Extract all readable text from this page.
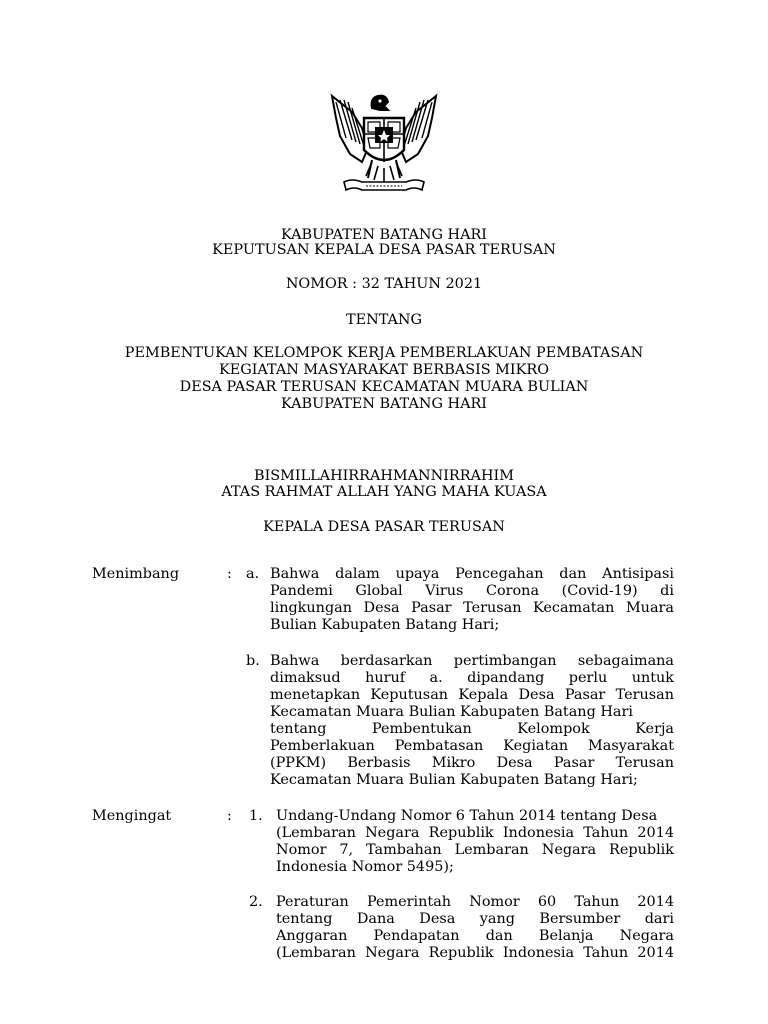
KABUPATEN BATANG HARI
KEPUTUSAN KEPALA DESA PASAR TERUSAN
NOMOR : 32 TAHUN 2021
TENTANG
PEMBENTUKAN KELOMPOK KERJA PEMBERLAKUAN PEMBATASAN
KEGIATAN MASYARAKAT BERBASIS MIKRO
DESA PASAR TERUSAN KECAMATAN MUARA BULIAN
KABUPATEN BATANG HARI
BISMILLAHIRRAHMANNIRRAHIM
ATAS RAHMAT ALLAH YANG MAHA KUASA
KEPALA DESA PASAR TERUSAN
Menimbang	: a. Bahwa dalam upaya Pencegahan dan Antisipasi
Pandemi Global Virus Corona (Covid-19) di
lingkungan Desa Pasar Terusan Kecamatan Muara
Bulian Kabupaten Batang Hari;
b. Bahwa berdasarkan pertimbangan sebagaimana
dimaksud huruf a. dipandang perlu untuk
menetapkan Keputusan Kepala Desa Pasar Terusan
Kecamatan Muara Bulian Kabupaten Batang Hari
tentang Pembentukan Kelompok Kerja
Pemberlakuan Pembatasan Kegiatan Masyarakat
(PPKM) Berbasis Mikro Desa Pasar Terusan
Kecamatan Muara Bulian Kabupaten Batang Hari;
Mengingat	: 1. Undang-Undang Nomor 6 Tahun 2014 tentang Desa
(Lembaran Negara Republik Indonesia Tahun 2014
Nomor 7, Tambahan Lembaran Negara Republik
Indonesia Nomor 5495);
2. Peraturan Pemerintah Nomor 60 Tahun 2014
tentang Dana Desa yang Bersumber dari
Anggaran Pendapatan dan Belanja Negara
(Lembaran Negara Republik Indonesia Tahun 2014
